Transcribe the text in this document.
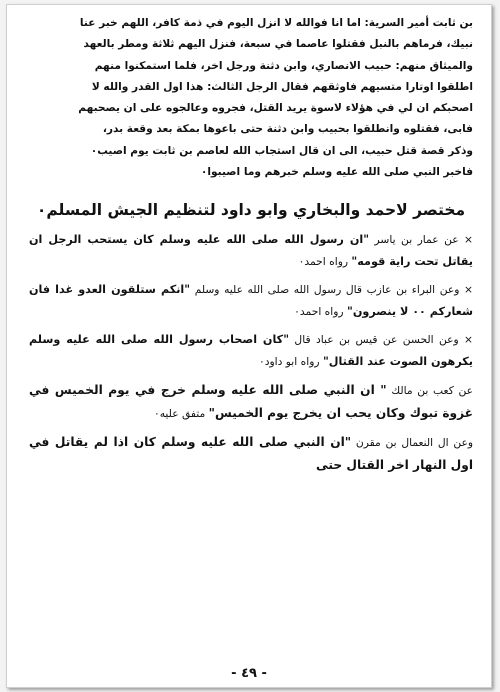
بن ثابت أمير السرية: اما انا فوالله لا انزل اليوم في ذمة كافر، اللهم خبر عنا

نبيك، فرماهم بالنبل فقتلوا عاصما في سبعة، فنزل اليهم ثلاثة ومطر بالعهد

والميثاق منهم: حبيب الانصاري، وابن دثنة ورجل اخر، فلما استمكنوا منهم

اطلقوا اوتارا متسيهم فاوثقهم فقال الرجل الثالث: هذا اول القدر والله لا

اصحبكم ان لي في هؤلاء لاسوة يريد القتل، فجروه وعالجوه على ان يصحبهم

فابى، فقتلوه وانطلقوا بحبيب وابن دثنة حتى باعوها بمكة بعد وقعة بدر،

وذكر قصة قتل حبيب، الى ان قال استجاب الله لعاصم بن ثابت يوم اصيب٠

فاخبر النبي صلى الله عليه وسلم خبرهم وما اصيبوا٠

مختصر لاحمد والبخاري وابو داود لتنظيم الجيش المسلم٠

× عن عمار بن ياسر "ان رسول الله صلى الله عليه وسلم كان يستحب الرجل ان يقاتل تحت راية قومه" رواه احمد٠

× وعن البراء بن عازب قال رسول الله صلى الله عليه وسلم "انكم ستلقون العدو غدا فان شعاركم ٠٠ لا ينصرون" رواه احمد٠

× وعن الحسن عن قيس بن عباد قال "كان اصحاب رسول الله صلى الله عليه وسلم يكرهون الصوت عند القتال" رواه ابو داود٠

عن كعب بن مالك " ان النبي صلى الله عليه وسلم خرج في يوم الخميس في غزوة تبوك وكان يحب ان يخرج يوم الخميس" متفق عليه٠

وعن ال النعمال بن مقرن "ان النبي صلى الله عليه وسلم كان اذا لم يقاتل في اول النهار اخر القتال حتى

- ٤٩ -
